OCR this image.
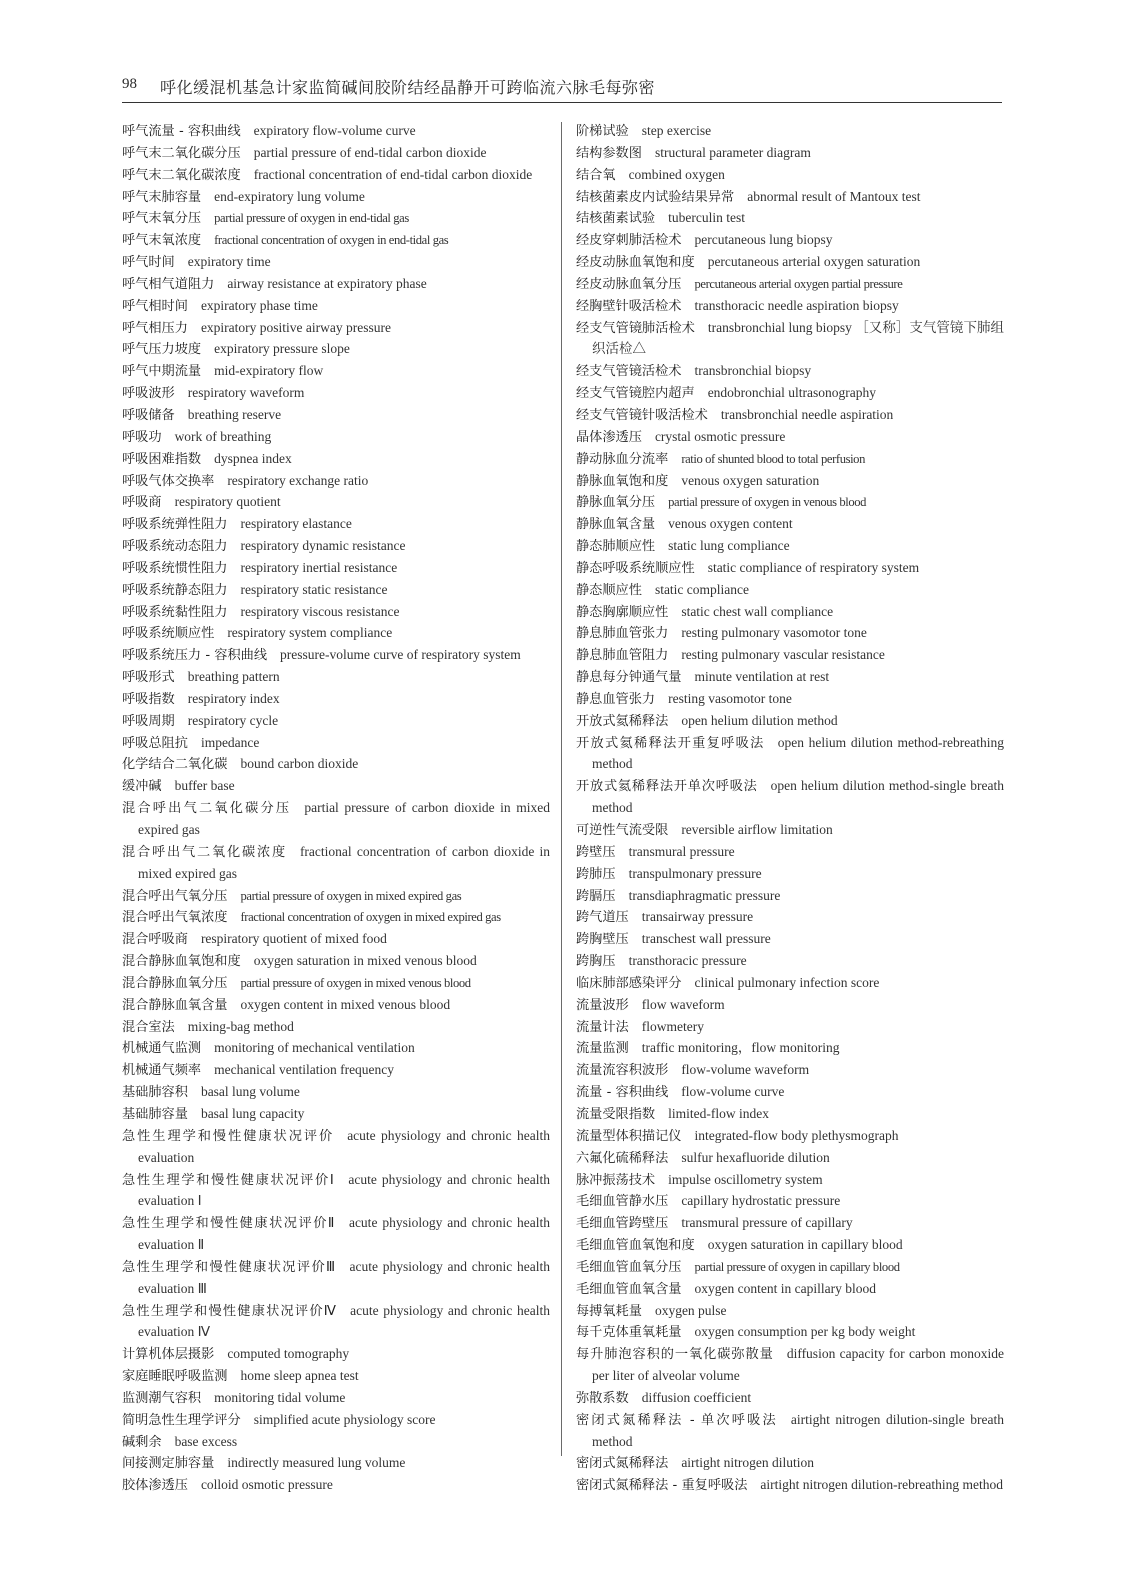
98 呼化缓混机基急计家监简碱间胶阶结经晶静开可跨临流六脉毛每弥密
呼气流量 - 容积曲线 expiratory flow-volume curve
呼气末二氧化碳分压 partial pressure of end-tidal carbon dioxide
呼气末二氧化碳浓度 fractional concentration of end-tidal carbon dioxide
呼气末肺容量 end-expiratory lung volume
呼气末氧分压 partial pressure of oxygen in end-tidal gas
呼气末氧浓度 fractional concentration of oxygen in end-tidal gas
呼气时间 expiratory time
呼气相气道阻力 airway resistance at expiratory phase
呼气相时间 expiratory phase time
呼气相压力 expiratory positive airway pressure
呼气压力坡度 expiratory pressure slope
呼气中期流量 mid-expiratory flow
呼吸波形 respiratory waveform
呼吸储备 breathing reserve
呼吸功 work of breathing
呼吸困难指数 dyspnea index
呼吸气体交换率 respiratory exchange ratio
呼吸商 respiratory quotient
呼吸系统弹性阻力 respiratory elastance
呼吸系统动态阻力 respiratory dynamic resistance
呼吸系统惯性阻力 respiratory inertial resistance
呼吸系统静态阻力 respiratory static resistance
呼吸系统黏性阻力 respiratory viscous resistance
呼吸系统顺应性 respiratory system compliance
呼吸系统压力 - 容积曲线 pressure-volume curve of respiratory system
呼吸形式 breathing pattern
呼吸指数 respiratory index
呼吸周期 respiratory cycle
呼吸总阻抗 impedance
化学结合二氧化碳 bound carbon dioxide
缓冲碱 buffer base
混合呼出气二氧化碳分压 partial pressure of carbon dioxide in mixed expired gas
混合呼出气二氧化碳浓度 fractional concentration of carbon dioxide in mixed expired gas
混合呼出气氧分压 partial pressure of oxygen in mixed expired gas
混合呼出气氧浓度 fractional concentration of oxygen in mixed expired gas
混合呼吸商 respiratory quotient of mixed food
混合静脉血氧饱和度 oxygen saturation in mixed venous blood
混合静脉血氧分压 partial pressure of oxygen in mixed venous blood
混合静脉血氧含量 oxygen content in mixed venous blood
混合室法 mixing-bag method
机械通气监测 monitoring of mechanical ventilation
机械通气频率 mechanical ventilation frequency
基础肺容积 basal lung volume
基础肺容量 basal lung capacity
急性生理学和慢性健康状况评价 acute physiology and chronic health evaluation
急性生理学和慢性健康状况评价Ⅰ acute physiology and chronic health evaluation Ⅰ
急性生理学和慢性健康状况评价Ⅱ acute physiology and chronic health evaluation Ⅱ
急性生理学和慢性健康状况评价Ⅲ acute physiology and chronic health evaluation Ⅲ
急性生理学和慢性健康状况评价Ⅳ acute physiology and chronic health evaluation Ⅳ
计算机体层摄影 computed tomography
家庭睡眠呼吸监测 home sleep apnea test
监测潮气容积 monitoring tidal volume
简明急性生理学评分 simplified acute physiology score
碱剩余 base excess
间接测定肺容量 indirectly measured lung volume
胶体渗透压 colloid osmotic pressure
阶梯试验 step exercise
结构参数图 structural parameter diagram
结合氧 combined oxygen
结核菌素皮内试验结果异常 abnormal result of Mantoux test
结核菌素试验 tuberculin test
经皮穿刺肺活检术 percutaneous lung biopsy
经皮动脉血氧饱和度 percutaneous arterial oxygen saturation
经皮动脉血氧分压 percutaneous arterial oxygen partial pressure
经胸壁针吸活检术 transthoracic needle aspiration biopsy
经支气管镜肺活检术 transbronchial lung biopsy ［又称］支气管镜下肺组织活检△
经支气管镜活检术 transbronchial biopsy
经支气管镜腔内超声 endobronchial ultrasonography
经支气管镜针吸活检术 transbronchial needle aspiration
晶体渗透压 crystal osmotic pressure
静动脉血分流率 ratio of shunted blood to total perfusion
静脉血氧饱和度 venous oxygen saturation
静脉血氧分压 partial pressure of oxygen in venous blood
静脉血氧含量 venous oxygen content
静态肺顺应性 static lung compliance
静态呼吸系统顺应性 static compliance of respiratory system
静态顺应性 static compliance
静态胸廓顺应性 static chest wall compliance
静息肺血管张力 resting pulmonary vasomotor tone
静息肺血管阻力 resting pulmonary vascular resistance
静息每分钟通气量 minute ventilation at rest
静息血管张力 resting vasomotor tone
开放式氦稀释法 open helium dilution method
开放式氦稀释法开重复呼吸法 open helium dilution method-rebreathing method
开放式氦稀释法开单次呼吸法 open helium dilution method-single breath method
可逆性气流受限 reversible airflow limitation
跨壁压 transmural pressure
跨肺压 transpulmonary pressure
跨膈压 transdiaphragmatic pressure
跨气道压 transairway pressure
跨胸壁压 transchest wall pressure
跨胸压 transthoracic pressure
临床肺部感染评分 clinical pulmonary infection score
流量波形 flow waveform
流量计法 flowmetery
流量监测 traffic monitoring，flow monitoring
流量流容积波形 flow-volume waveform
流量 - 容积曲线 flow-volume curve
流量受限指数 limited-flow index
流量型体积描记仪 integrated-flow body plethysmograph
六氟化硫稀释法 sulfur hexafluoride dilution
脉冲振荡技术 impulse oscillometry system
毛细血管静水压 capillary hydrostatic pressure
毛细血管跨壁压 transmural pressure of capillary
毛细血管血氧饱和度 oxygen saturation in capillary blood
毛细血管血氧分压 partial pressure of oxygen in capillary blood
毛细血管血氧含量 oxygen content in capillary blood
每搏氧耗量 oxygen pulse
每千克体重氧耗量 oxygen consumption per kg body weight
每升肺泡容积的一氧化碳弥散量 diffusion capacity for carbon monoxide per liter of alveolar volume
弥散系数 diffusion coefficient
密闭式氮稀释法 - 单次呼吸法 airtight nitrogen dilution-single breath method
密闭式氮稀释法 airtight nitrogen dilution
密闭式氮稀释法 - 重复呼吸法 airtight nitrogen dilution-rebreathing method
